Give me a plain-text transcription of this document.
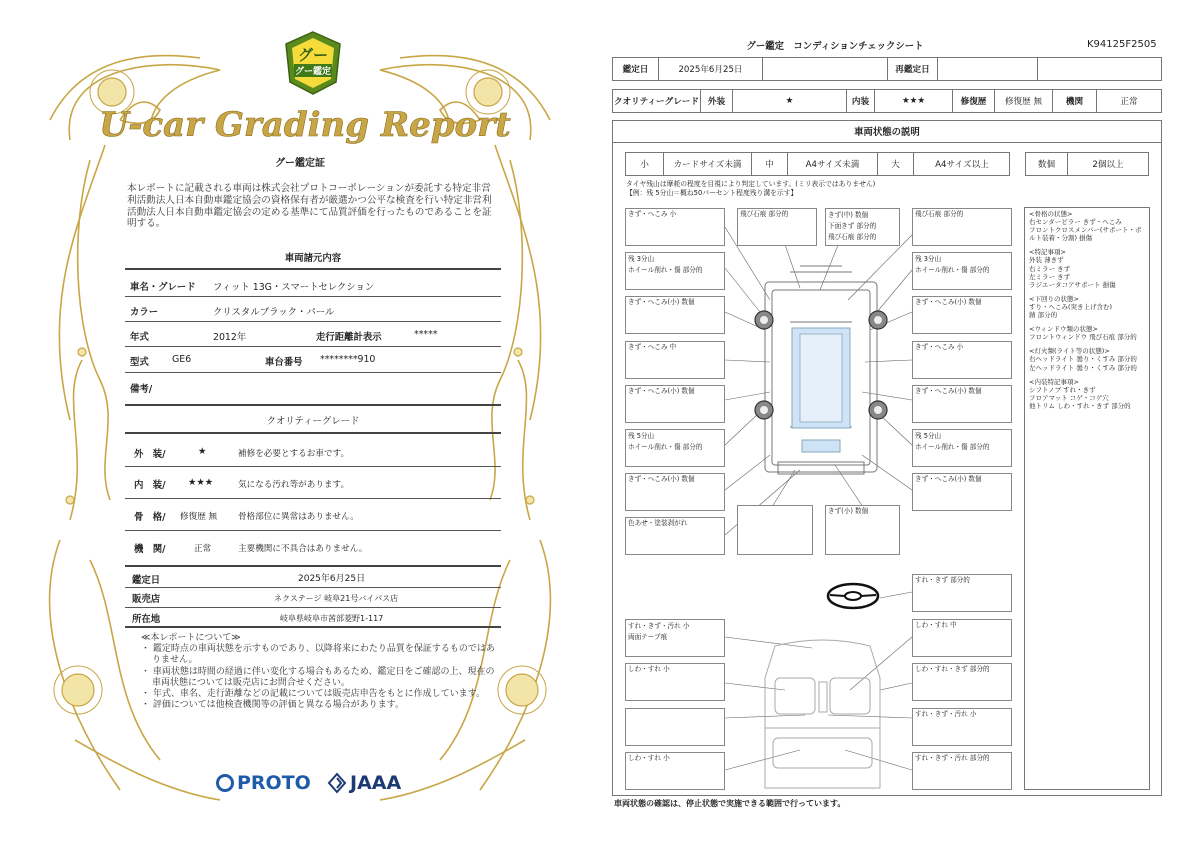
グー
グー鑑定
U-car Grading Report
グー鑑定証
本レポートに記載される車両は株式会社プロトコーポレーションが委託する特定非営利活動法人日本自動車鑑定協会の資格保有者が厳選かつ公平な検査を行い特定非営利活動法人日本自動車鑑定協会の定める基準にて品質評価を行ったものであることを証明する。
車両諸元内容
車名・グレード フィット 13G・スマートセレクション
カラー	クリスタルブラック・パール
年式	2012年	走行距離計表示	*****
型式 GE6	車台番号 ********910
備考/
クオリティーグレード
外　装/	★	補修を必要とするお車です。
内　装/ ★★★	気になる汚れ等があります。
骨　格/ 修復歴 無 骨格部位に異常はありません。
機　関/	正常	主要機関に不具合はありません。
鑑定日	2025年6月25日
販売店	ネクステージ 岐阜21号バイパス店
所在地	岐阜県岐阜市茜部菱野1-117
≪本レポートについて≫
・ 鑑定時点の車両状態を示すものであり、以降将来にわたり品質を保証するものではありません。
・ 車両状態は時間の経過に伴い変化する場合もあるため、鑑定日をご確認の上、現在の車両状態については販売店にお問合せください。
・ 年式、車名、走行距離などの記載については販売店申告をもとに作成しています。
・ 評価については他検査機関等の評価と異なる場合があります。
PROTO JAAA
グー鑑定　コンディションチェックシート	K94125F2505
鑑定日	2025年6月25日	再鑑定日
クオリティーグレード	外装	★	内装	★★★	修復歴	修復歴 無	機関	正常
車両状態の説明
小	カードサイズ未満	中	A4サイズ未満	大	A4サイズ以上	数個	2個以上
タイヤ残山は摩耗の程度を目視により判定しています。(ミリ表示ではありません)
【例：残 5分山＝概ね50パーセント程度残り溝を示す】
きず・へこみ 小	飛び石痕 部分的	きず(中) 数個
下面きず 部分的
飛び石痕 部分的
飛び石痕 部分的
残 3分山
ホイール削れ・傷 部分的
残 3分山
ホイール削れ・傷 部分的
きず・へこみ(小) 数個	きず・へこみ(小) 数個
きず・へこみ 中	きず・へこみ 小
きず・へこみ(小) 数個	きず・へこみ(小) 数個
残 5分山
ホイール削れ・傷 部分的
残 5分山
ホイール削れ・傷 部分的
きず・へこみ(小) 数個	きず・へこみ(小) 数個
色あせ・塗装剥がれ
きず(小) 数個
すれ・きず 部分的
すれ・きず・汚れ 小
両面テープ痕
しわ・すれ 中
しわ・すれ 小	しわ・すれ・きず 部分的
すれ・きず・汚れ 小
しわ・すれ 小	すれ・きず・汚れ 部分的
<骨格の状態>
右センターピラー きず・へこみ
フロントクロスメンバー(サポート・ボルト装着・分割) 損傷
<特記事項>
外装 薄きず
右ミラー きず
左ミラー きず
ラジエータコアサポート 損傷
<下回りの状態>
すり・へこみ(突き上げ含む)
錆 部分的
<ウィンドウ類の状態>
フロントウィンドウ 飛び石痕 部分的
<灯火類(ライト等の状態)>
右ヘッドライト 曇り・くすみ 部分的
左ヘッドライト 曇り・くすみ 部分的
<内装特記事項>
シフトノブ すれ・きず
フロアマット コゲ・コゲ穴
他トリム しわ・すれ・きず 部分的
車両状態の確認は、停止状態で実施できる範囲で行っています。
